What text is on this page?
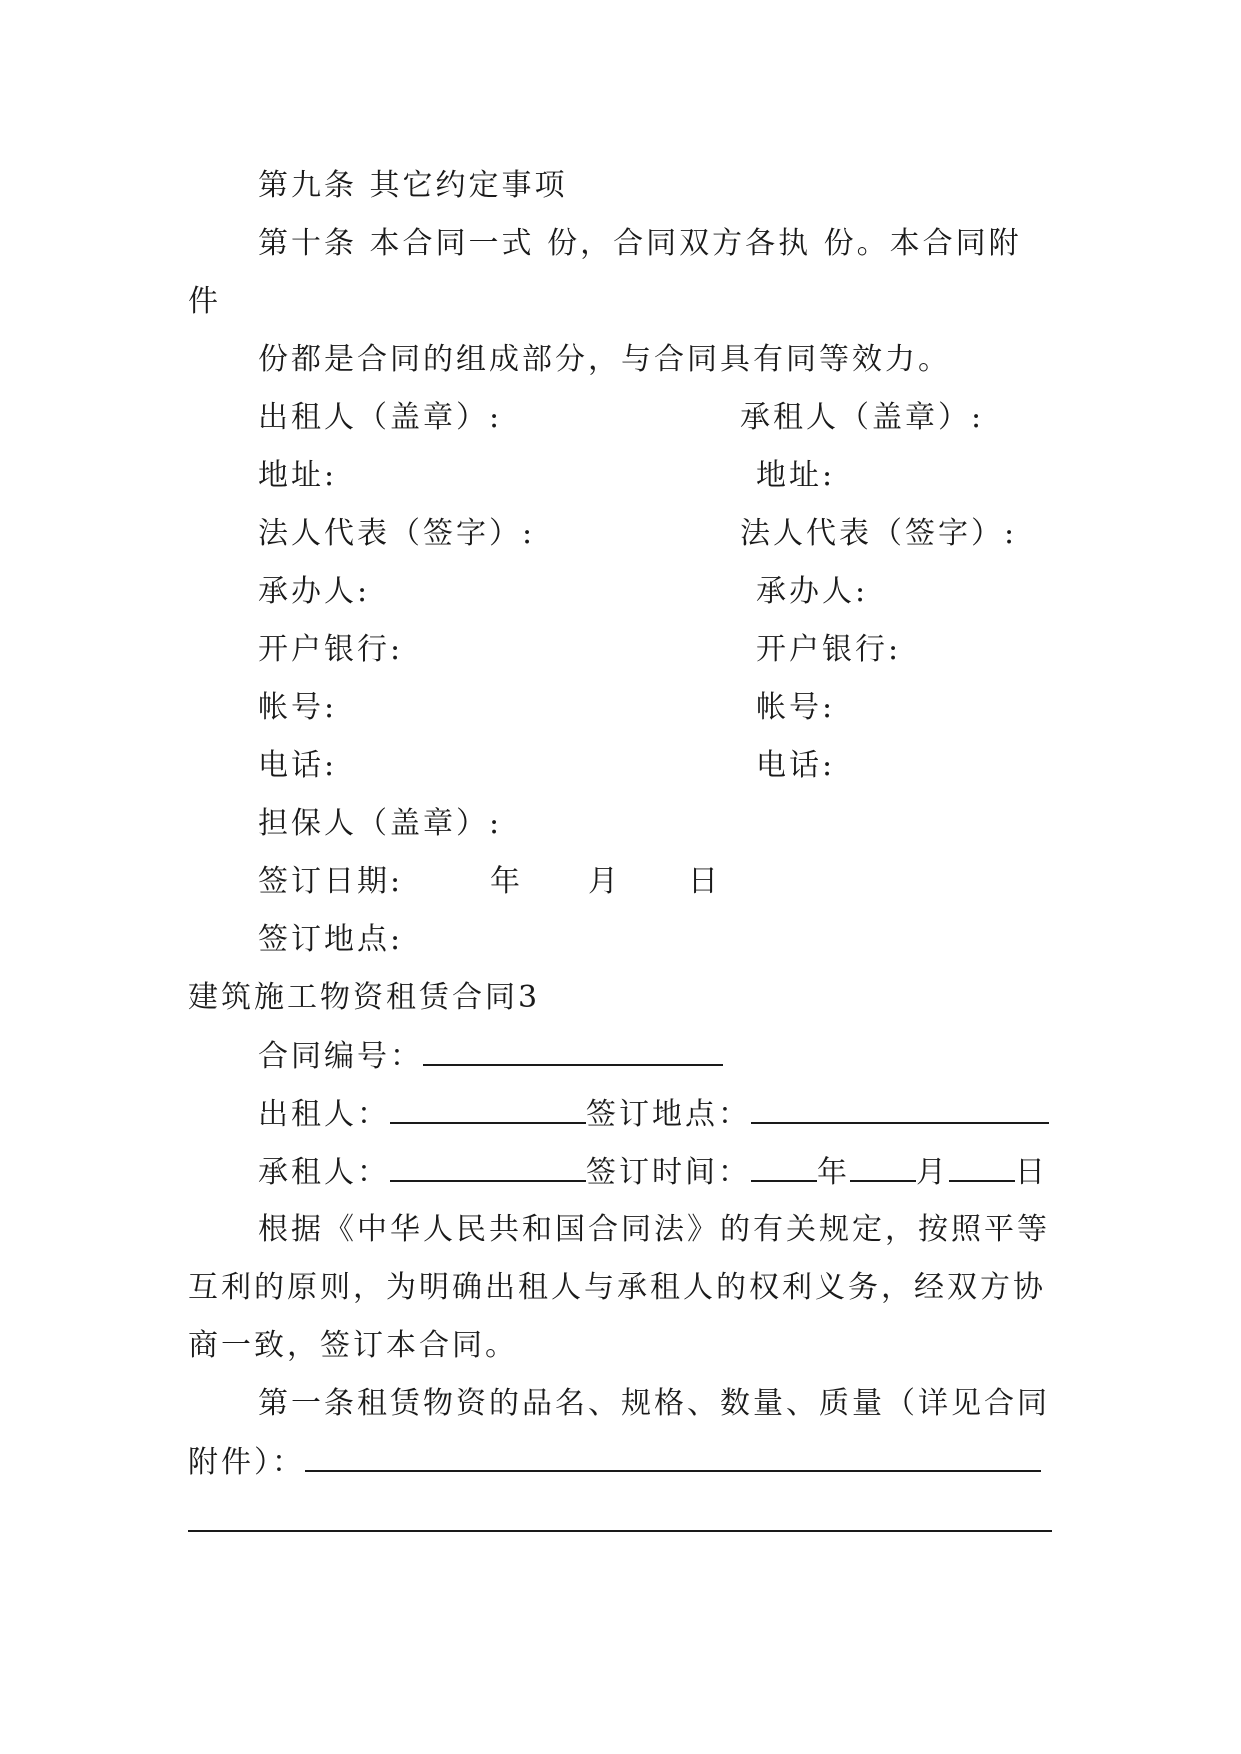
第九条 其它约定事项
第十条 本合同一式 份，合同双方各执 份。本合同附
件
份都是合同的组成部分，与合同具有同等效力。
出租人（盖章）:	承租人（盖章）:
地址:	地址:
法人代表（签字）:	法人代表（签字）:
承办人:	承办人:
开户银行:	开户银行:
帐号:	帐号:
电话:	电话:
担保人（盖章）:
签订日期:	年 月 日
签订地点:
建筑施工物资租赁合同3
合同编号：
出租人：	签订地点：
承租人：	签订时间： 年 月 日
根据《中华人民共和国合同法》的有关规定，按照平等
互利的原则，为明确出租人与承租人的权利义务，经双方协
商一致，签订本合同。
第一条租赁物资的品名、规格、数量、质量（详见合同
附件）：
